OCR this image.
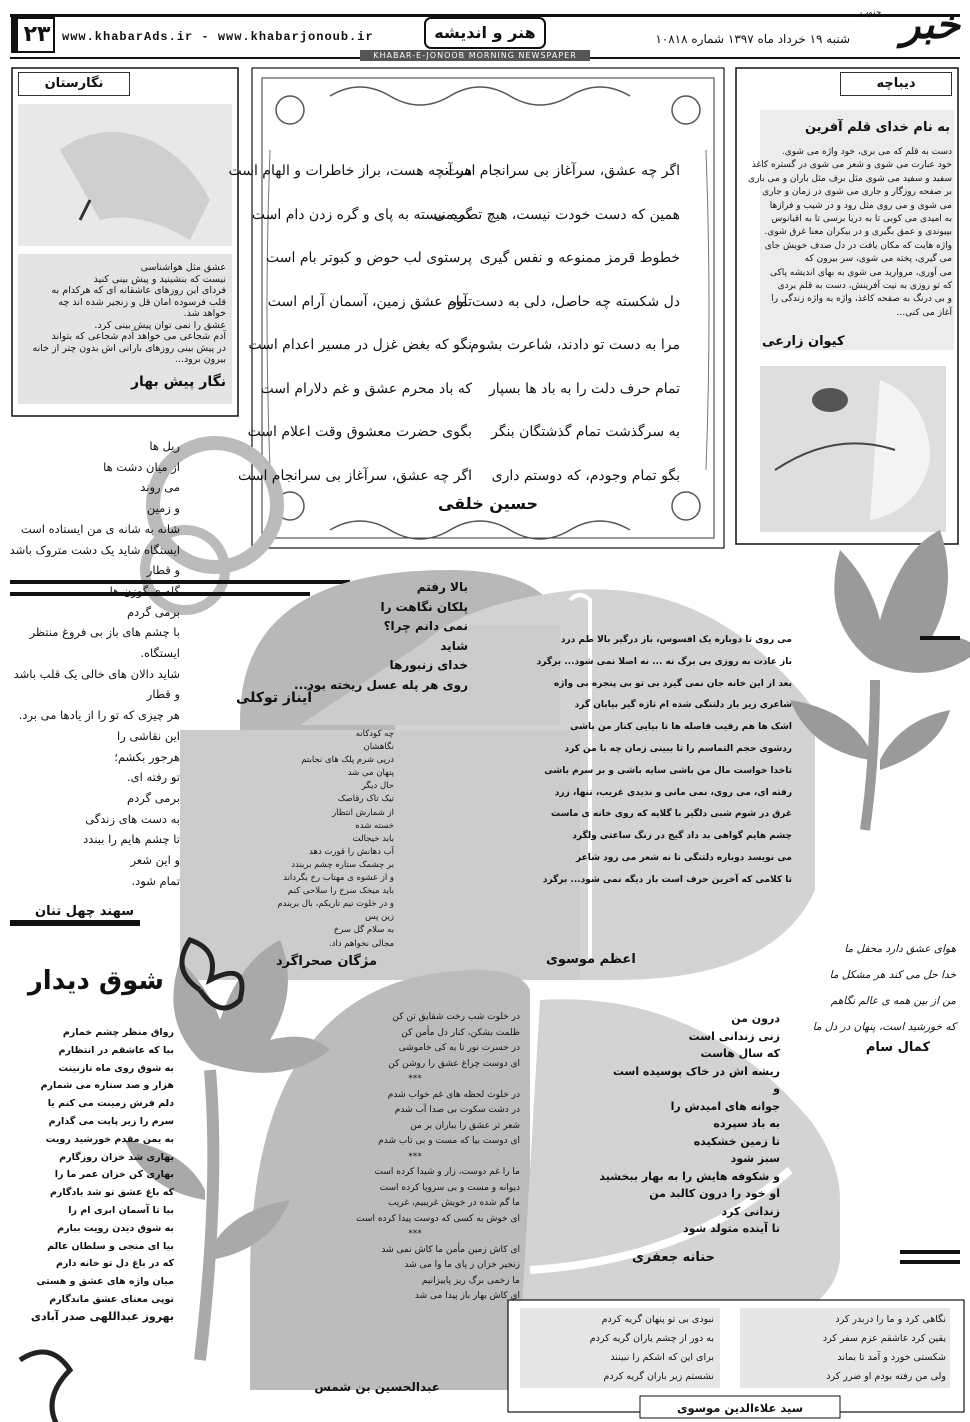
۲۳ www.khabarAds.ir - www.khabarjonoub.ir	هنر و اندیشه	شنبه ۱۹ خرداد ماه ۱۳۹۷ شماره ۱۰۸۱۸	خبر
جنوب
KHABAR-E-JONOOB MORNING NEWSPAPER
نگارستان
عشق مثل هواشناسی
نیست که بنشینید و پیش بینی کنید
فردای این روزهای عاشقانه ای که هرکدام به
قلب فرسوده امان قل و زنجیر شده اند چه
خواهد شد.
عشق را نمی توان پیش بینی کرد.
آدم شجاعی می خواهد آدم شجاعی که بتواند
در پیش بینی روزهای بارانی اش بدون چتر از خانه
بیرون برود...
نگار پیش بهار
دیباچه
به نام خدای قلم آفرین
دست به قلم که می بری، خود واژه می شوی.
خود عبارت می شوی و شعر می شوی در گستره کاغذ
سفید و سفید می شوی مثل برف مثل باران و می باری
بر صفحه روزگار و جاری می شوی در زمان و جاری
می شوی و می روی مثل رود و در شیب و فرازها
به امیدی می کوبی تا به دریا برسی تا به اقیانوس
بپیوندی و عمق بگیری و در بیکران معنا غرق شوی.
واژه هایت که مکان یافت در دل صدف خویش جای
می گیری، پخته می شوی، سر بیرون که
می آوری، مروارید می شوی به بهای اندیشه پاکی
که تو روزی به نیت آفرینش، دست به قلم بردی
و بی درنگ به صفحه کاغذ، واژه به واژه زندگی را
آغاز می کنی...
کیوان زارعی
اگر چه عشق، سرآغاز بی سرانجام است
همین که دست خودت نیست، هیچ تصمیمی
خطوط قرمز ممنوعه و نفس گیری
دل شکسته چه حاصل، دلی به دست آور
مرا به دست تو دادند، شاعرت بشوم
تمام حرف دلت را به باد ها بسپار
به سرگذشت تمام گذشتگان بنگر
بگو تمام وجودم، که دوستم داری
هر آنچه هست، براز خاطرات و الهام است
گره نبسته به پای و گره زدن دام است
پرستوی لب حوض و کبوتر بام است
تمام عشق زمین، آسمان آرام است
نگو که بغض غزل در مسیر اعدام است
که باد محرم عشق و غم دلارام است
بگوی حضرت معشوق وقت اعلام است
اگر چه عشق، سرآغاز بی سرانجام است
حسین خلقی
ریل ها
از میان دشت ها
می روند
و زمین
شانه به شانه ی من ایستاده است
ایستگاه شاید یک دشت متروک باشد
و قطار
گله ی گوزن ها
برمی گردم
با چشم های باز بی فروغ منتظر
ایستگاه.
شاید دالان های خالی یک قلب باشد
و قطار
هر چیزی که تو را از یادها می برد.
این نقاشی را
هرجور بکشم؛
تو رفته ای.
برمی گردم
به دست های زندگی
تا چشم هایم را ببندد
و این شعر
تمام شود.
سهند چهل تنان
بالا رفتم
پلکان نگاهت را
نمی دانم چرا؟
شاید
خدای زنبورها
روی هر پله عسل ریخته بود...
آیناز توکلی
چه کودکانه
نگاهشان
درپی شرم پلک های نجابتم
پنهان می شد
حال دیگر
تیک تاک رقاصک
از شمارش انتظار
خسته شده
باید خیجالت
آب دهانش را قورت دهد
بر چشمک ستاره چشم بربندد
و از عشوه ی مهتاب رخ بگرداند
باید میخک سرخ را سلاحی کنم
و در خلوت تیم تاریکم، بال بربندم
زین پس
به سلام گل سرخ
مجالی نخواهم داد.
مژگان صحراگرد
می روی تا دوباره یک افسوس، باز درگیر بالا طم درد
باز عادت به روزی بی برگ نه ... نه اصلا نمی شود... برگرد
بعد از این خانه جان نمی گیرد بی تو بی پنجره بی واژه
شاعری زیر بار دلتنگی شده ام تازه گیر بیابان گرد
اشک ها هم رقیب فاصله ها تا بیایی کنار من باشی
ردشوی حجم التماسم را تا ببینی زمان چه با من کرد
تاخدا خواست مال من باشی سایه باشی و بر سرم باشی
رفته ای، می روی، نمی مانی و ندیدی غریب، تنها، زرد
غرق در شوم شبی دلگیر با گلایه که روی خانه ی ماست
چشم هایم گواهی بد داد گیج در زنگ ساعتی ولگرد
می نویسد دوباره دلتنگی تا نه شعر می رود شاعر
تا کلامی که آخرین حرف است بار دیگه نمی شود... برگرد
اعظم موسوی
هوای عشق دارد محفل ما
خدا حل می کند هر مشکل ما
من از بین همه ی عالم نگاهم
که خورشید است، پنهان در دل ما
کمال سام
شوق دیدار
رواق منظر چشم خمارم
بیا که عاشقم در انتظارم
به شوق روی ماه نازنینت
هزار و صد ستاره می شمارم
دلم فرش زمینت می کنم یا
سرم را زیر پایت می گذارم
به یمن مقدم خورشید رویت
بهاری شد خزان روزگارم
بهاری کن خزان عمر ما را
که باغ عشق تو شد یادگارم
بیا تا آسمان ابری ام را
به شوق دیدن رویت ببارم
بیا ای منجی و سلطان عالم
که در باغ دل تو خانه دارم
میان واژه های عشق و هستی
توپی معنای عشق ماندگارم
بهروز عبداللهی صدر آبادی
در خلوت شب رخت شقایق تن کن
ظلمت بشکن، کنار دل مأمن کن
در حسرت نور تا به کی خاموشی
ای دوست چراغ عشق را روشن کن
***
در خلوت لحظه های غم خواب شدم
در دشت سکوت بی صدا آب شدم
شعر تر عشق را بباران بر من
ای دوست بیا که مست و بی تاب شدم
***
ما را غم دوست، زار و شیدا کرده است
دیوانه و مست و بی سروپا کرده است
ما گم شده در خویش غریبیم، غریب
ای خوش به کسی که دوست پیدا کرده است
***
ای کاش زمین مأمن ما کاش نمی شد
زنجیر خزان ز پای ما وا می شد
ما زخمی برگ ریز پاییزانیم
ای کاش بهار باز پیدا می شد
عبدالحسین بن شمس
درون من
زنی زندانی است
که سال هاست
ریشه اش در خاک پوسیده است
و
جوانه های امیدش را
به باد سپرده
تا زمین خشکیده
سبز شود
و شکوفه هایش را به بهار ببخشید
او خود را درون کالبد من
زندانی کرد
تا آینده متولد شود
حنانه جعفری
نگاهی کرد و ما را دربدر کرد
یقین کرد عاشقم عزم سفر کرد
شکستی خورد و آمد تا بماند
ولی من رفته بودم او ضرر کرد
نبودی بی تو پنهان گریه کردم
به دور از چشم یاران گریه کردم
برای این که اشکم را نبینند
نشستم زیر باران گریه کردم
سید علاءالدین موسوی
